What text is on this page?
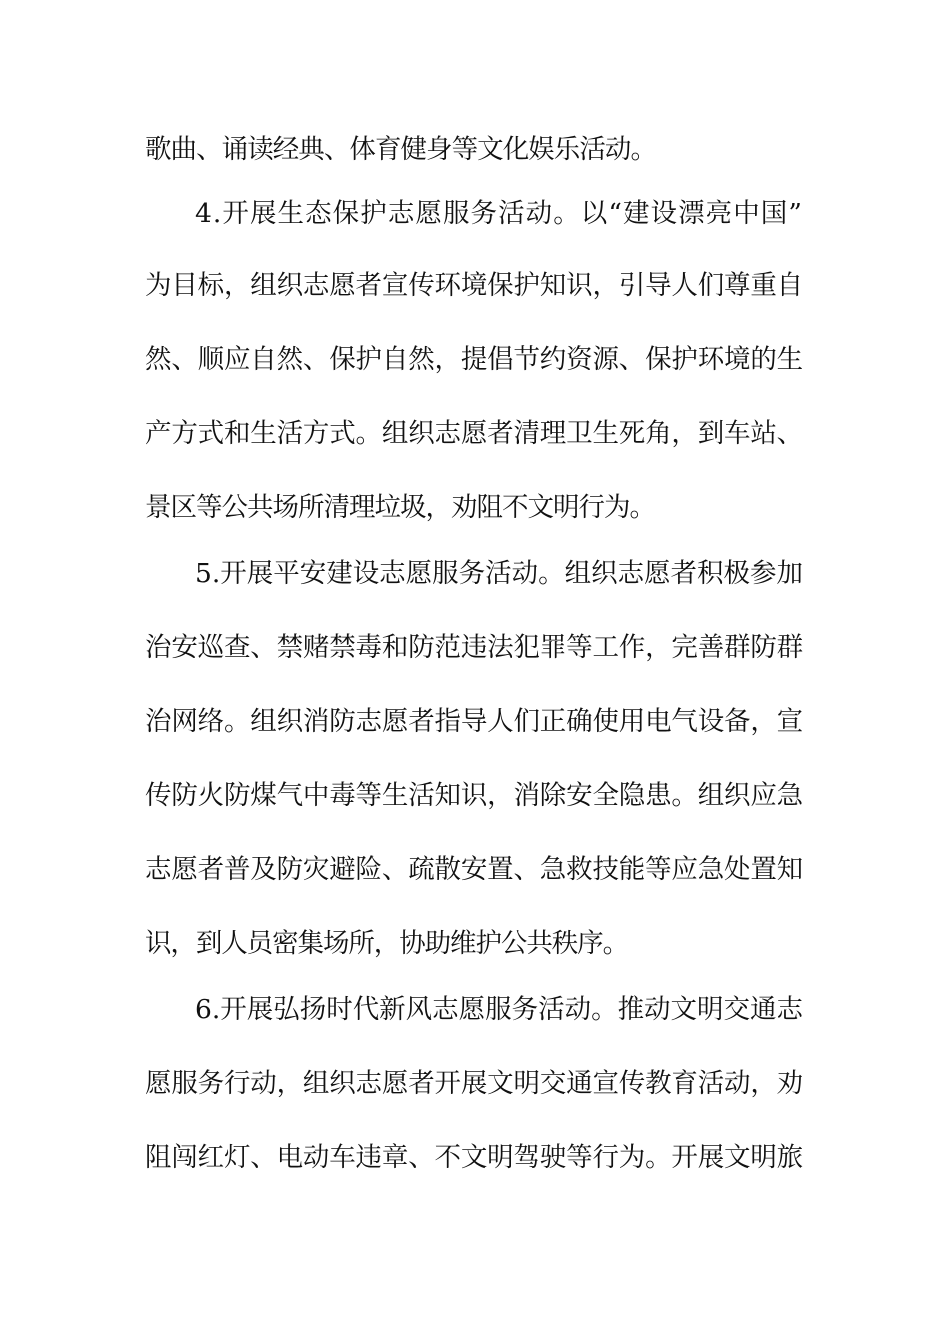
歌曲、诵读经典、体育健身等文化娱乐活动。
4.开展生态保护志愿服务活动。以“建设漂亮中国”
为目标，组织志愿者宣传环境保护知识，引导人们尊重自
然、顺应自然、保护自然，提倡节约资源、保护环境的生
产方式和生活方式。组织志愿者清理卫生死角，到车站、
景区等公共场所清理垃圾，劝阻不文明行为。
5.开展平安建设志愿服务活动。组织志愿者积极参加
治安巡查、禁赌禁毒和防范违法犯罪等工作，完善群防群
治网络。组织消防志愿者指导人们正确使用电气设备，宣
传防火防煤气中毒等生活知识，消除安全隐患。组织应急
志愿者普及防灾避险、疏散安置、急救技能等应急处置知
识，到人员密集场所，协助维护公共秩序。
6.开展弘扬时代新风志愿服务活动。推动文明交通志
愿服务行动，组织志愿者开展文明交通宣传教育活动，劝
阻闯红灯、电动车违章、不文明驾驶等行为。开展文明旅
